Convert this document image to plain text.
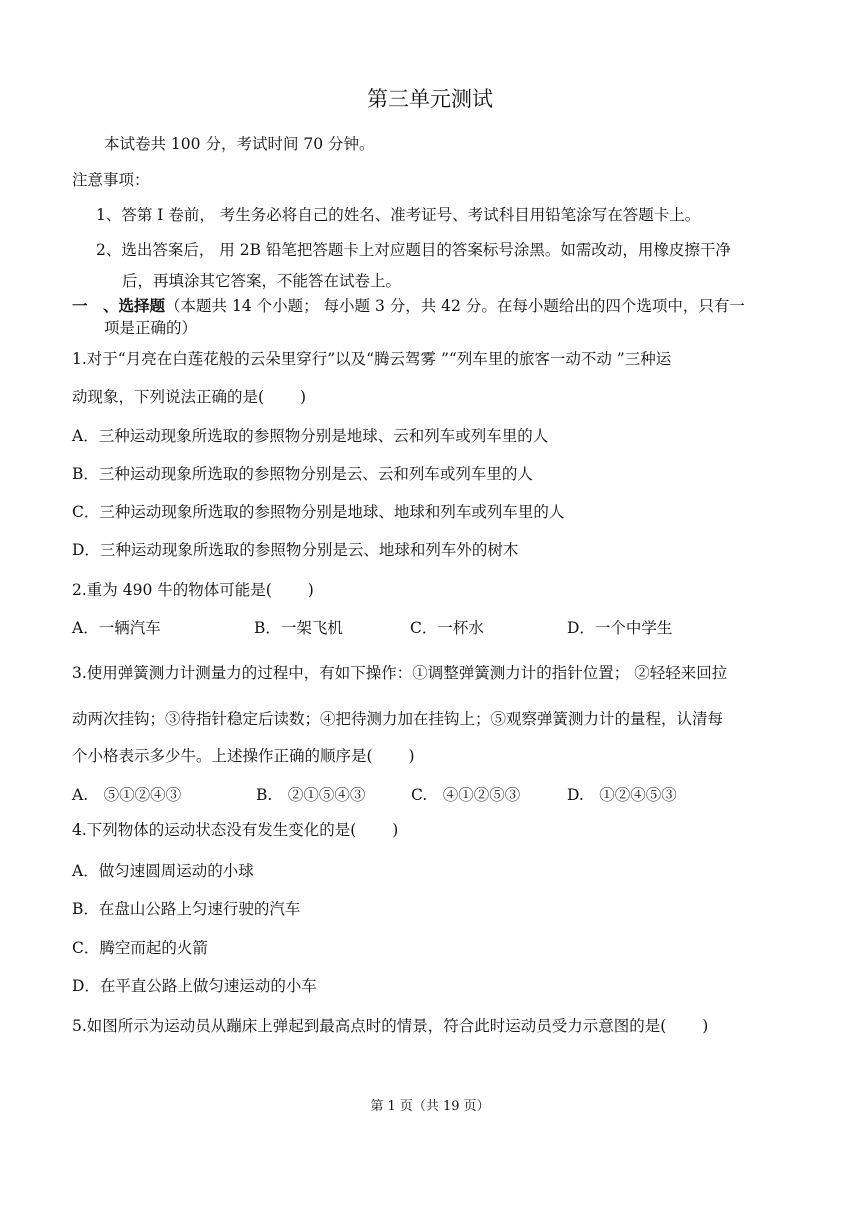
第三单元测试
本试卷共 100 分，考试时间 70 分钟。
注意事项：
1、答第 Ⅰ 卷前， 考生务必将自己的姓名、准考证号、考试科目用铅笔涂写在答题卡上。
2、选出答案后， 用 2B 铅笔把答题卡上对应题目的答案标号涂黑。如需改动，用橡皮擦干净
后，再填涂其它答案，不能答在试卷上。
一　、选择题（本题共 14 个小题； 每小题 3 分，共 42 分。在每小题给出的四个选项中，只有一
项是正确的）
1.对于“月亮在白莲花般的云朵里穿行”以及“腾云驾雾 ”“列车里的旅客一动不动 ”三种运
动现象，下列说法正确的是(　　 )
A．三种运动现象所选取的参照物分别是地球、云和列车或列车里的人
B．三种运动现象所选取的参照物分别是云、云和列车或列车里的人
C．三种运动现象所选取的参照物分别是地球、地球和列车或列车里的人
D．三种运动现象所选取的参照物分别是云、地球和列车外的树木
2.重为 490 牛的物体可能是(　　 )
A．一辆汽车	B．一架飞机	C．一杯水	D．一个中学生
3.使用弹簧测力计测量力的过程中，有如下操作：①调整弹簧测力计的指针位置； ②轻轻来回拉
动两次挂钩；③待指针稳定后读数；④把待测力加在挂钩上；⑤观察弹簧测力计的量程，认清每
个小格表示多少牛。上述操作正确的顺序是(　　 )
A.　⑤①②④③	B.　②①⑤④③	C.　④①②⑤③	D.　①②④⑤③
4.下列物体的运动状态没有发生变化的是(　　 )
A．做匀速圆周运动的小球
B．在盘山公路上匀速行驶的汽车
C．腾空而起的火箭
D．在平直公路上做匀速运动的小车
5.如图所示为运动员从蹦床上弹起到最高点时的情景，符合此时运动员受力示意图的是(　　 )
第 1 页（共 19 页）
